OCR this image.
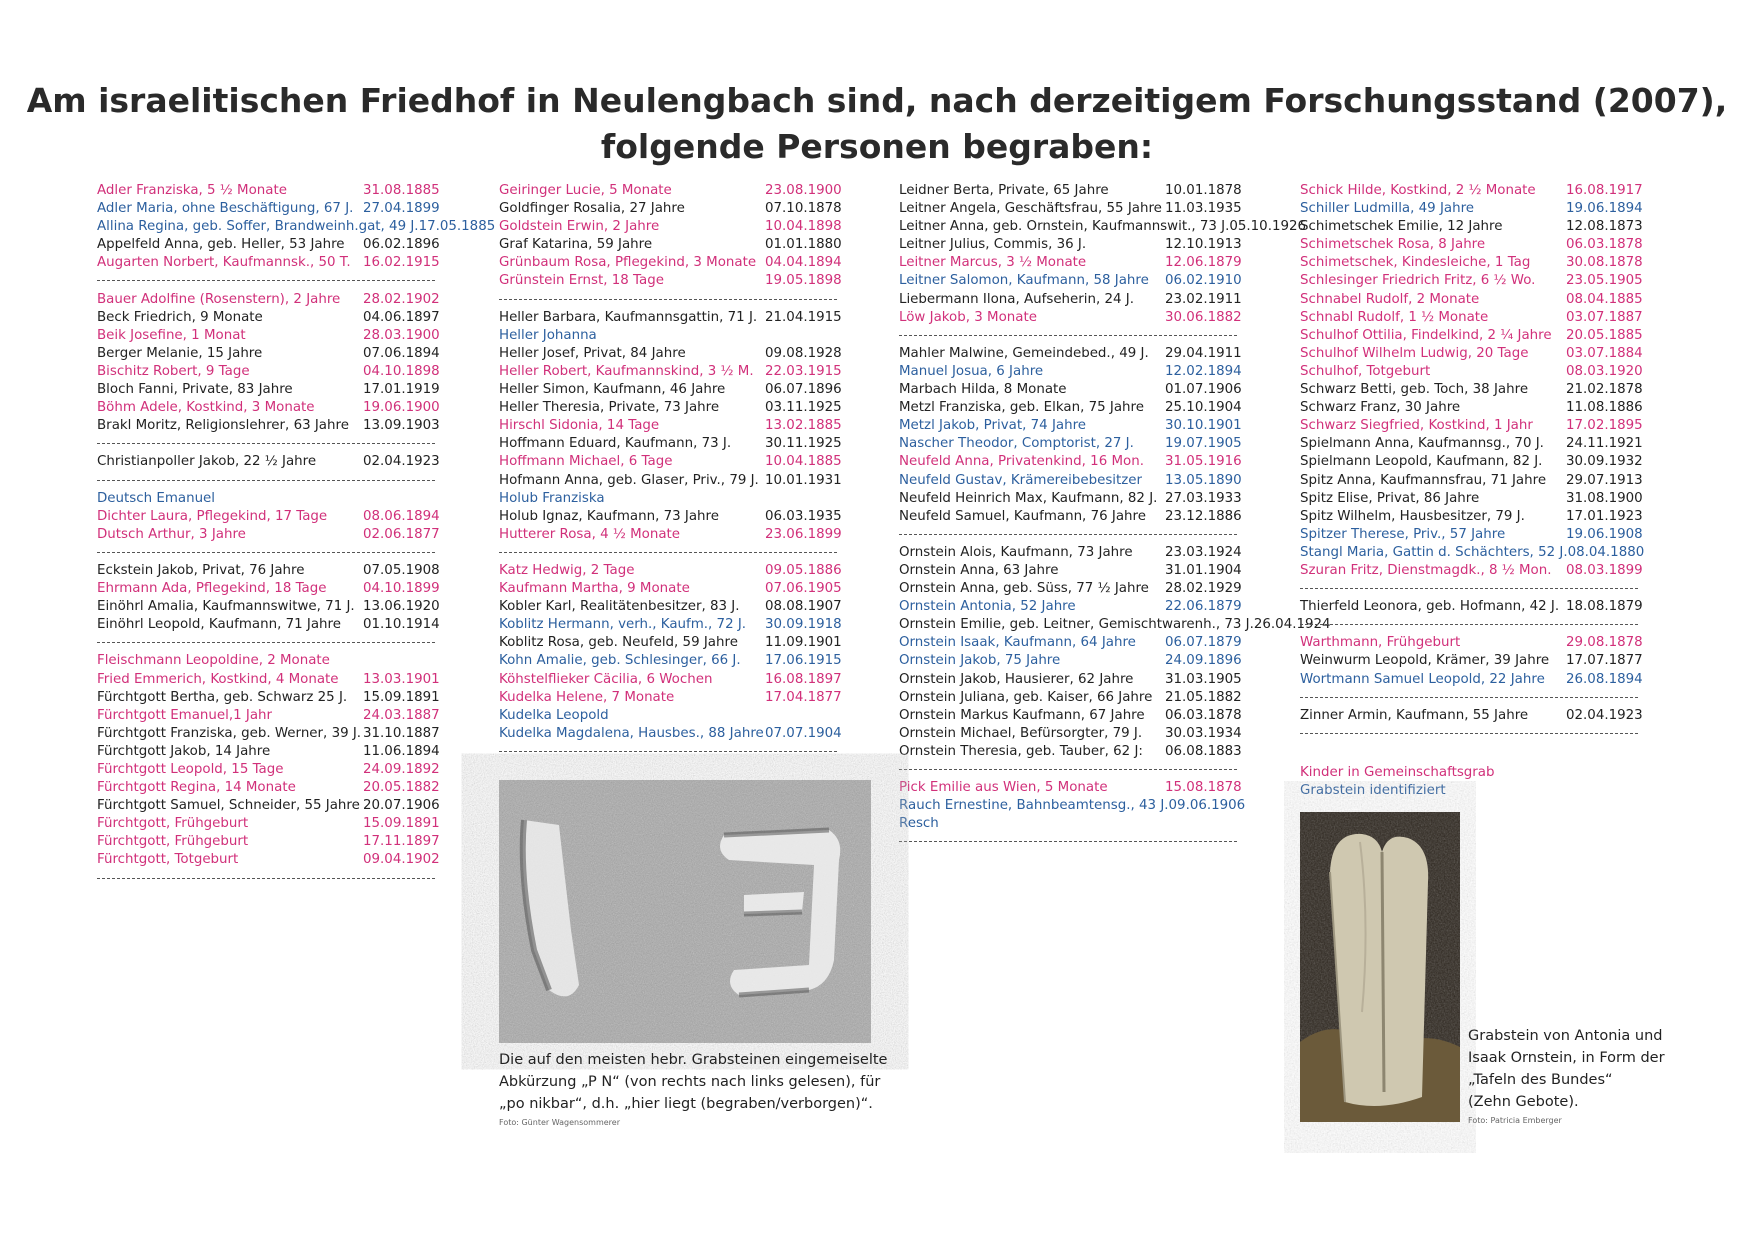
Am israelitischen Friedhof in Neulengbach sind, nach derzeitigem Forschungsstand (2007),
folgende Personen begraben:
Adler Franziska, 5 ½ Monate	31.08.1885
Adler Maria, ohne Beschäftigung, 67 J. 27.04.1899
Allina Regina, geb. Soffer, Brandweinh.gat, 49 J. 17.05.1885
Appelfeld Anna, geb. Heller, 53 Jahre	06.02.1896
Augarten Norbert, Kaufmannsk., 50 T. 16.02.1915
Bauer Adolfine (Rosenstern), 2 Jahre	28.02.1902
Beck Friedrich, 9 Monate	04.06.1897
Beik Josefine, 1 Monat	28.03.1900
Berger Melanie, 15 Jahre	07.06.1894
Bischitz Robert, 9 Tage	04.10.1898
Bloch Fanni, Private, 83 Jahre	17.01.1919
Böhm Adele, Kostkind, 3 Monate	19.06.1900
Brakl Moritz, Religionslehrer, 63 Jahre	13.09.1903
Christianpoller Jakob, 22 ½ Jahre	02.04.1923
Deutsch Emanuel
Dichter Laura, Pflegekind, 17 Tage	08.06.1894
Dutsch Arthur, 3 Jahre	02.06.1877
Eckstein Jakob, Privat, 76 Jahre	07.05.1908
Ehrmann Ada, Pflegekind, 18 Tage	04.10.1899
Einöhrl Amalia, Kaufmannswitwe, 71 J. 13.06.1920
Einöhrl Leopold, Kaufmann, 71 Jahre	01.10.1914
Fleischmann Leopoldine, 2 Monate
Fried Emmerich, Kostkind, 4 Monate	13.03.1901
Fürchtgott Bertha, geb. Schwarz 25 J.	15.09.1891
Fürchtgott Emanuel,1 Jahr	24.03.1887
Fürchtgott Franziska, geb. Werner, 39 J. 31.10.1887
Fürchtgott Jakob, 14 Jahre	11.06.1894
Fürchtgott Leopold, 15 Tage	24.09.1892
Fürchtgott Regina, 14 Monate	20.05.1882
Fürchtgott Samuel, Schneider, 55 Jahre 20.07.1906
Fürchtgott, Frühgeburt	15.09.1891
Fürchtgott, Frühgeburt	17.11.1897
Fürchtgott, Totgeburt	09.04.1902
Geiringer Lucie, 5 Monate	23.08.1900
Goldfinger Rosalia, 27 Jahre	07.10.1878
Goldstein Erwin, 2 Jahre	10.04.1898
Graf Katarina, 59 Jahre	01.01.1880
Grünbaum Rosa, Pflegekind, 3 Monate 04.04.1894
Grünstein Ernst, 18 Tage	19.05.1898
Heller Barbara, Kaufmannsgattin, 71 J. 21.04.1915
Heller Johanna
Heller Josef, Privat, 84 Jahre	09.08.1928
Heller Robert, Kaufmannskind, 3 ½ M. 22.03.1915
Heller Simon, Kaufmann, 46 Jahre	06.07.1896
Heller Theresia, Private, 73 Jahre	03.11.1925
Hirschl Sidonia, 14 Tage	13.02.1885
Hoffmann Eduard, Kaufmann, 73 J.	30.11.1925
Hoffmann Michael, 6 Tage	10.04.1885
Hofmann Anna, geb. Glaser, Priv., 79 J. 10.01.1931
Holub Franziska
Holub Ignaz, Kaufmann, 73 Jahre	06.03.1935
Hutterer Rosa, 4 ½ Monate	23.06.1899
Katz Hedwig, 2 Tage	09.05.1886
Kaufmann Martha, 9 Monate	07.06.1905
Kobler Karl, Realitätenbesitzer, 83 J.	08.08.1907
Koblitz Hermann, verh., Kaufm., 72 J.	30.09.1918
Koblitz Rosa, geb. Neufeld, 59 Jahre	11.09.1901
Kohn Amalie, geb. Schlesinger, 66 J.	17.06.1915
Köhstelflieker Cäcilia, 6 Wochen	16.08.1897
Kudelka Helene, 7 Monate	17.04.1877
Kudelka Leopold
Kudelka Magdalena, Hausbes., 88 Jahre 07.07.1904
Leidner Berta, Private, 65 Jahre	10.01.1878
Leitner Angela, Geschäftsfrau, 55 Jahre 11.03.1935
Leitner Anna, geb. Ornstein, Kaufmannswit., 73 J. 05.10.1926
Leitner Julius, Commis, 36 J.	12.10.1913
Leitner Marcus, 3 ½ Monate	12.06.1879
Leitner Salomon, Kaufmann, 58 Jahre	06.02.1910
Liebermann Ilona, Aufseherin, 24 J.	23.02.1911
Löw Jakob, 3 Monate	30.06.1882
Mahler Malwine, Gemeindebed., 49 J.	29.04.1911
Manuel Josua, 6 Jahre	12.02.1894
Marbach Hilda, 8 Monate	01.07.1906
Metzl Franziska, geb. Elkan, 75 Jahre	25.10.1904
Metzl Jakob, Privat, 74 Jahre	30.10.1901
Nascher Theodor, Comptorist, 27 J.	19.07.1905
Neufeld Anna, Privatenkind, 16 Mon.	31.05.1916
Neufeld Gustav, Krämereibebesitzer	13.05.1890
Neufeld Heinrich Max, Kaufmann, 82 J. 27.03.1933
Neufeld Samuel, Kaufmann, 76 Jahre	23.12.1886
Ornstein Alois, Kaufmann, 73 Jahre	23.03.1924
Ornstein Anna, 63 Jahre	31.01.1904
Ornstein Anna, geb. Süss, 77 ½ Jahre	28.02.1929
Ornstein Antonia, 52 Jahre	22.06.1879
Ornstein Emilie, geb. Leitner, Gemischtwarenh., 73 J. 26.04.1924
Ornstein Isaak, Kaufmann, 64 Jahre	06.07.1879
Ornstein Jakob, 75 Jahre	24.09.1896
Ornstein Jakob, Hausierer, 62 Jahre	31.03.1905
Ornstein Juliana, geb. Kaiser, 66 Jahre 21.05.1882
Ornstein Markus Kaufmann, 67 Jahre	06.03.1878
Ornstein Michael, Befürsorgter, 79 J.	30.03.1934
Ornstein Theresia, geb. Tauber, 62 J:	06.08.1883
Pick Emilie aus Wien, 5 Monate	15.08.1878
Rauch Ernestine, Bahnbeamtensg., 43 J. 09.06.1906
Resch
Schick Hilde, Kostkind, 2 ½ Monate	16.08.1917
Schiller Ludmilla, 49 Jahre	19.06.1894
Schimetschek Emilie, 12 Jahre	12.08.1873
Schimetschek Rosa, 8 Jahre	06.03.1878
Schimetschek, Kindesleiche, 1 Tag	30.08.1878
Schlesinger Friedrich Fritz, 6 ½ Wo.	23.05.1905
Schnabel Rudolf, 2 Monate	08.04.1885
Schnabl Rudolf, 1 ½ Monate	03.07.1887
Schulhof Ottilia, Findelkind, 2 ¼ Jahre	20.05.1885
Schulhof Wilhelm Ludwig, 20 Tage	03.07.1884
Schulhof, Totgeburt	08.03.1920
Schwarz Betti, geb. Toch, 38 Jahre	21.02.1878
Schwarz Franz, 30 Jahre	11.08.1886
Schwarz Siegfried, Kostkind, 1 Jahr	17.02.1895
Spielmann Anna, Kaufmannsg., 70 J.	24.11.1921
Spielmann Leopold, Kaufmann, 82 J.	30.09.1932
Spitz Anna, Kaufmannsfrau, 71 Jahre	29.07.1913
Spitz Elise, Privat, 86 Jahre	31.08.1900
Spitz Wilhelm, Hausbesitzer, 79 J.	17.01.1923
Spitzer Therese, Priv., 57 Jahre	19.06.1908
Stangl Maria, Gattin d. Schächters, 52 J. 08.04.1880
Szuran Fritz, Dienstmagdk., 8 ½ Mon.	08.03.1899
Thierfeld Leonora, geb. Hofmann, 42 J. 18.08.1879
Warthmann, Frühgeburt	29.08.1878
Weinwurm Leopold, Krämer, 39 Jahre	17.07.1877
Wortmann Samuel Leopold, 22 Jahre	26.08.1894
Zinner Armin, Kaufmann, 55 Jahre	02.04.1923
Die auf den meisten hebr. Grabsteinen eingemeiselte
Abkürzung „P N“ (von rechts nach links gelesen), für
„po nikbar“, d.h. „hier liegt (begraben/verborgen)“.
Foto: Günter Wagensommerer
Kinder in Gemeinschaftsgrab
Grabstein identifiziert
Grabstein von Antonia und
Isaak Ornstein, in Form der
„Tafeln des Bundes“
(Zehn Gebote).
Foto: Patricia Emberger
